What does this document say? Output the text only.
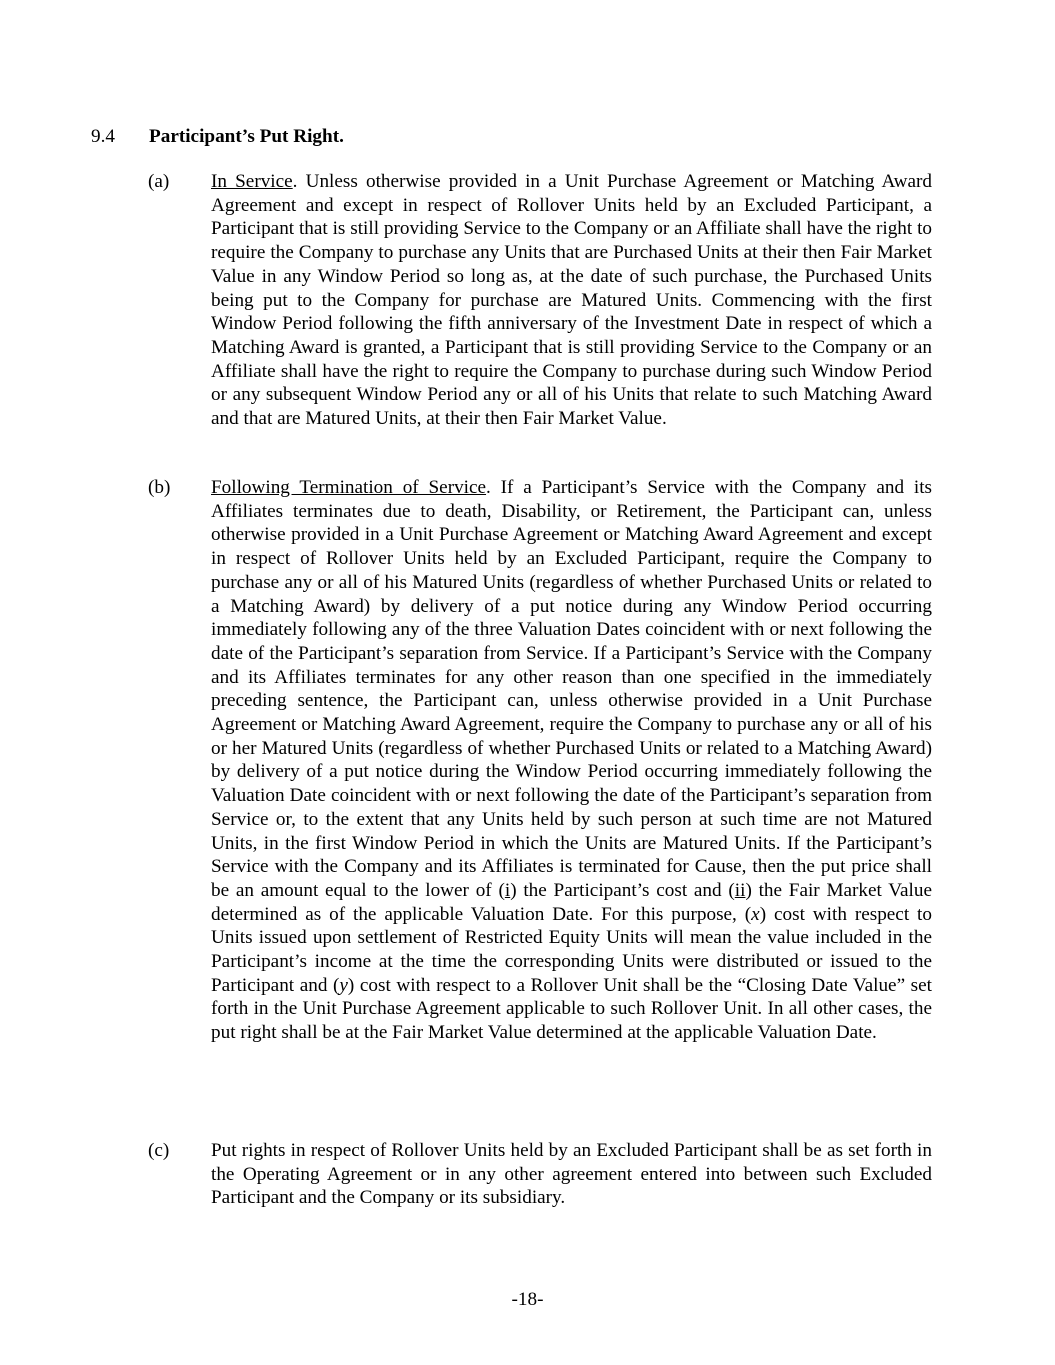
9.4 Participant’s Put Right.
(a) In Service. Unless otherwise provided in a Unit Purchase Agreement or Matching Award Agreement and except in respect of Rollover Units held by an Excluded Participant, a Participant that is still providing Service to the Company or an Affiliate shall have the right to require the Company to purchase any Units that are Purchased Units at their then Fair Market Value in any Window Period so long as, at the date of such purchase, the Purchased Units being put to the Company for purchase are Matured Units. Commencing with the first Window Period following the fifth anniversary of the Investment Date in respect of which a Matching Award is granted, a Participant that is still providing Service to the Company or an Affiliate shall have the right to require the Company to purchase during such Window Period or any subsequent Window Period any or all of his Units that relate to such Matching Award and that are Matured Units, at their then Fair Market Value.
(b) Following Termination of Service. If a Participant’s Service with the Company and its Affiliates terminates due to death, Disability, or Retirement, the Participant can, unless otherwise provided in a Unit Purchase Agreement or Matching Award Agreement and except in respect of Rollover Units held by an Excluded Participant, require the Company to purchase any or all of his Matured Units (regardless of whether Purchased Units or related to a Matching Award) by delivery of a put notice during any Window Period occurring immediately following any of the three Valuation Dates coincident with or next following the date of the Participant’s separation from Service. If a Participant’s Service with the Company and its Affiliates terminates for any other reason than one specified in the immediately preceding sentence, the Participant can, unless otherwise provided in a Unit Purchase Agreement or Matching Award Agreement, require the Company to purchase any or all of his or her Matured Units (regardless of whether Purchased Units or related to a Matching Award) by delivery of a put notice during the Window Period occurring immediately following the Valuation Date coincident with or next following the date of the Participant’s separation from Service or, to the extent that any Units held by such person at such time are not Matured Units, in the first Window Period in which the Units are Matured Units. If the Participant’s Service with the Company and its Affiliates is terminated for Cause, then the put price shall be an amount equal to the lower of (i) the Participant’s cost and (ii) the Fair Market Value determined as of the applicable Valuation Date. For this purpose, (x) cost with respect to Units issued upon settlement of Restricted Equity Units will mean the value included in the Participant’s income at the time the corresponding Units were distributed or issued to the Participant and (y) cost with respect to a Rollover Unit shall be the “Closing Date Value” set forth in the Unit Purchase Agreement applicable to such Rollover Unit. In all other cases, the put right shall be at the Fair Market Value determined at the applicable Valuation Date.
(c) Put rights in respect of Rollover Units held by an Excluded Participant shall be as set forth in the Operating Agreement or in any other agreement entered into between such Excluded Participant and the Company or its subsidiary.
-18-
